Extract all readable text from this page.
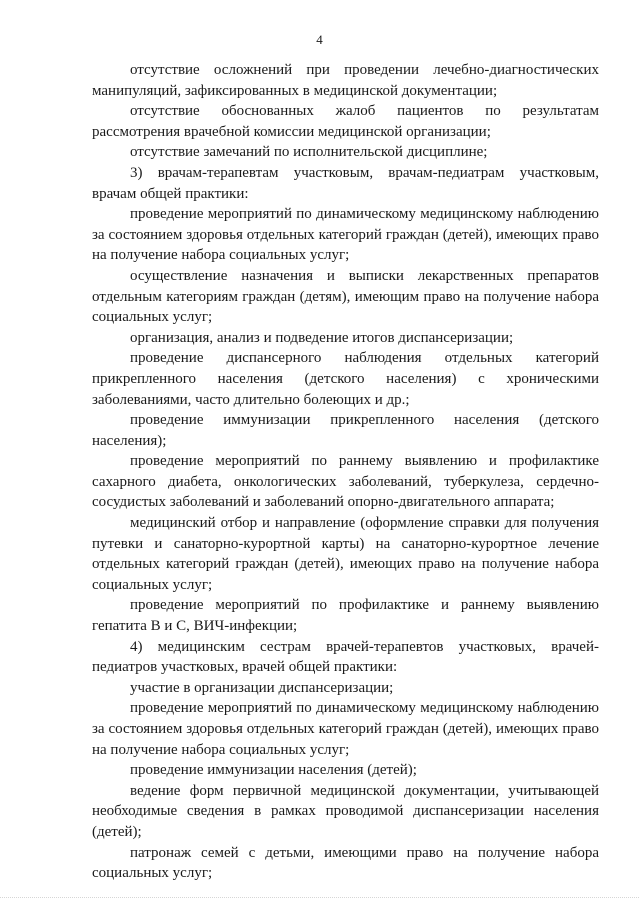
4

отсутствие осложнений при проведении лечебно-диагностических манипуляций, зафиксированных в медицинской документации;

отсутствие обоснованных жалоб пациентов по результатам рассмотрения врачебной комиссии медицинской организации;

отсутствие замечаний по исполнительской дисциплине;

3) врачам-терапевтам участковым, врачам-педиатрам участковым, врачам общей практики:

проведение мероприятий по динамическому медицинскому наблюдению за состоянием здоровья отдельных категорий граждан (детей), имеющих право на получение набора социальных услуг;

осуществление назначения и выписки лекарственных препаратов отдельным категориям граждан (детям), имеющим право на получение набора социальных услуг;

организация, анализ и подведение итогов диспансеризации;

проведение диспансерного наблюдения отдельных категорий прикрепленного населения (детского населения) с хроническими заболеваниями, часто длительно болеющих и др.;

проведение иммунизации прикрепленного населения (детского населения);

проведение мероприятий по раннему выявлению и профилактике сахарного диабета, онкологических заболеваний, туберкулеза, сердечно-сосудистых заболеваний и заболеваний опорно-двигательного аппарата;

медицинский отбор и направление (оформление справки для получения путевки и санаторно-курортной карты) на санаторно-курортное лечение отдельных категорий граждан (детей), имеющих право на получение набора социальных услуг;

проведение мероприятий по профилактике и раннему выявлению гепатита В и С, ВИЧ-инфекции;

4) медицинским сестрам врачей-терапевтов участковых, врачей-педиатров участковых, врачей общей практики:

участие в организации диспансеризации;

проведение мероприятий по динамическому медицинскому наблюдению за состоянием здоровья отдельных категорий граждан (детей), имеющих право на получение набора социальных услуг;

проведение иммунизации населения (детей);

ведение форм первичной медицинской документации, учитывающей необходимые сведения в рамках проводимой диспансеризации населения (детей);

патронаж семей с детьми, имеющими право на получение набора социальных услуг;
